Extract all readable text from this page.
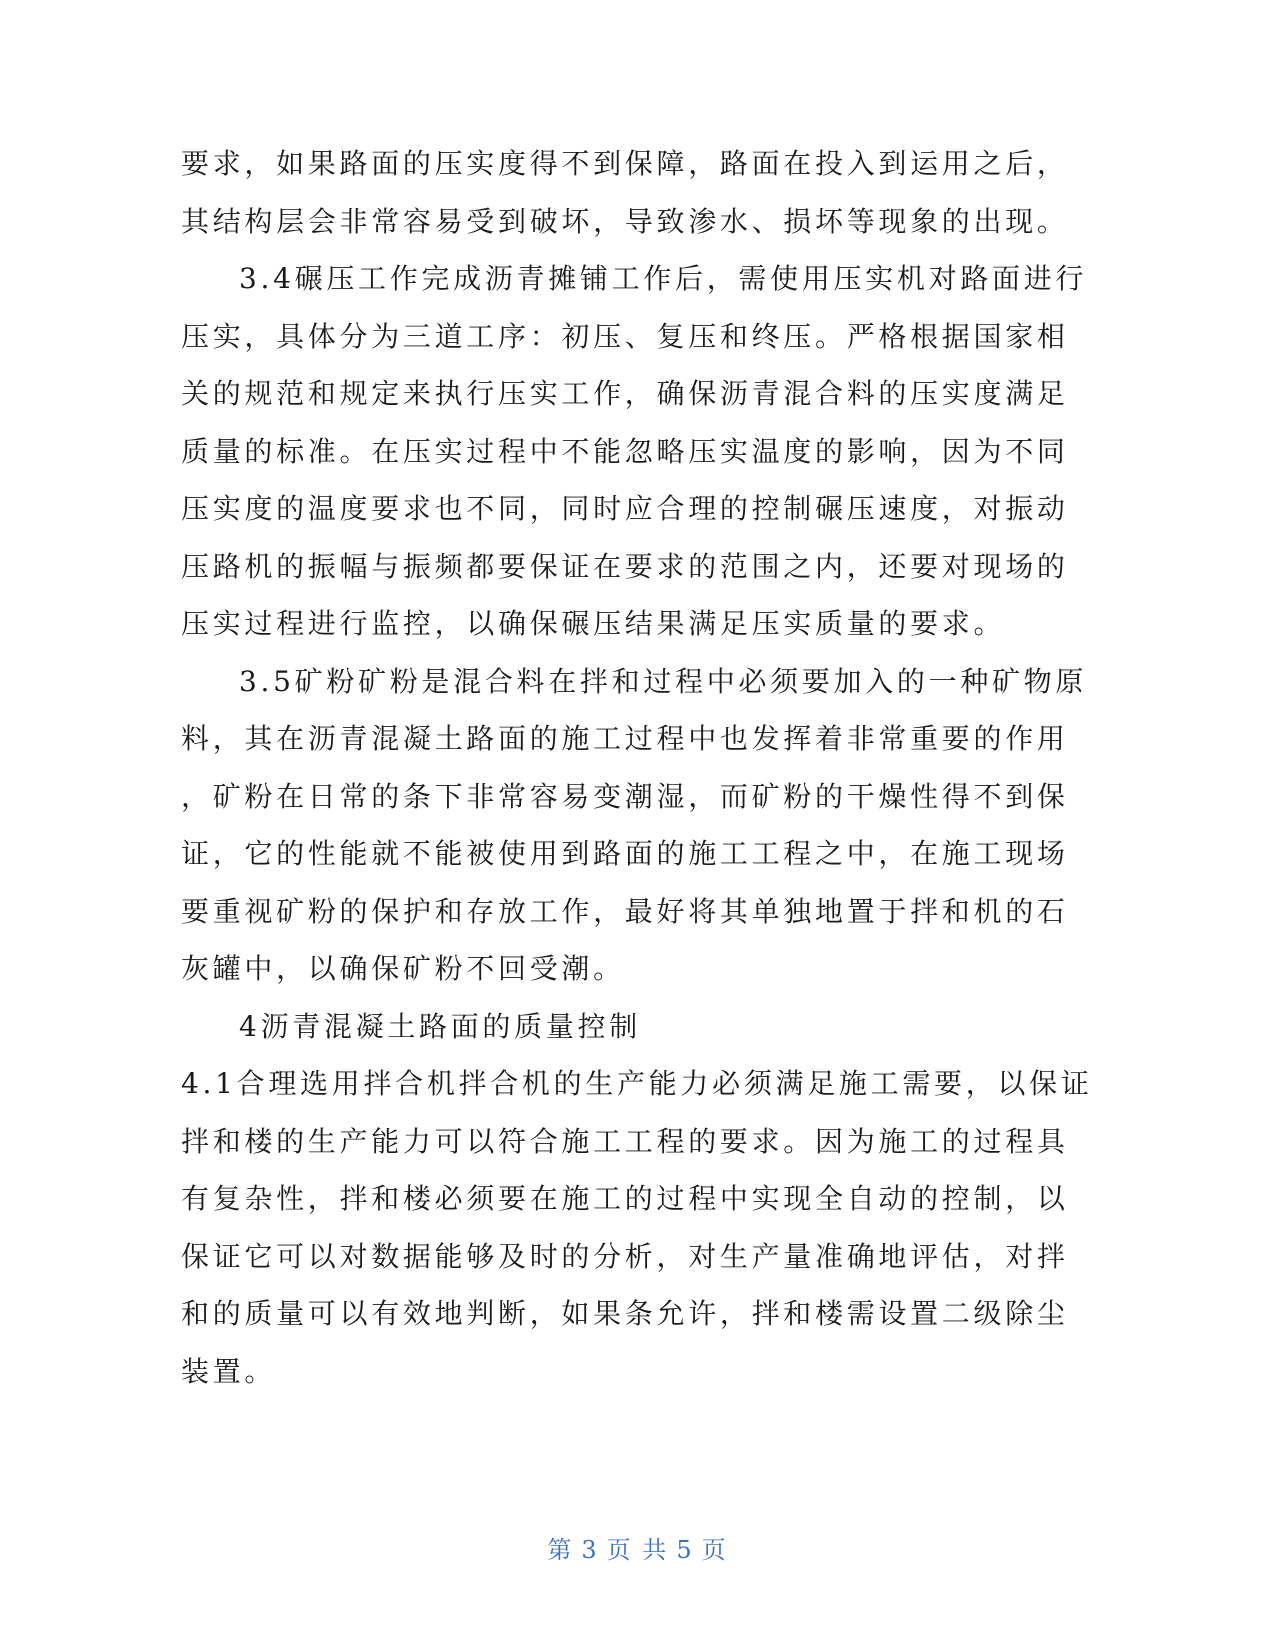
要求，如果路面的压实度得不到保障，路面在投入到运用之后，

其结构层会非常容易受到破坏，导致渗水、损坏等现象的出现。

3.4碾压工作完成沥青摊铺工作后，需使用压实机对路面进行

压实，具体分为三道工序：初压、复压和终压。严格根据国家相

关的规范和规定来执行压实工作，确保沥青混合料的压实度满足

质量的标准。在压实过程中不能忽略压实温度的影响，因为不同

压实度的温度要求也不同，同时应合理的控制碾压速度，对振动

压路机的振幅与振频都要保证在要求的范围之内，还要对现场的

压实过程进行监控，以确保碾压结果满足压实质量的要求。

3.5矿粉矿粉是混合料在拌和过程中必须要加入的一种矿物原

料，其在沥青混凝土路面的施工过程中也发挥着非常重要的作用

，矿粉在日常的条下非常容易变潮湿，而矿粉的干燥性得不到保

证，它的性能就不能被使用到路面的施工工程之中，在施工现场

要重视矿粉的保护和存放工作，最好将其单独地置于拌和机的石

灰罐中，以确保矿粉不回受潮。

4沥青混凝土路面的质量控制

4.1合理选用拌合机拌合机的生产能力必须满足施工需要，以保证

拌和楼的生产能力可以符合施工工程的要求。因为施工的过程具

有复杂性，拌和楼必须要在施工的过程中实现全自动的控制，以

保证它可以对数据能够及时的分析，对生产量准确地评估，对拌

和的质量可以有效地判断，如果条允许，拌和楼需设置二级除尘

装置。

第 3 页 共 5 页
